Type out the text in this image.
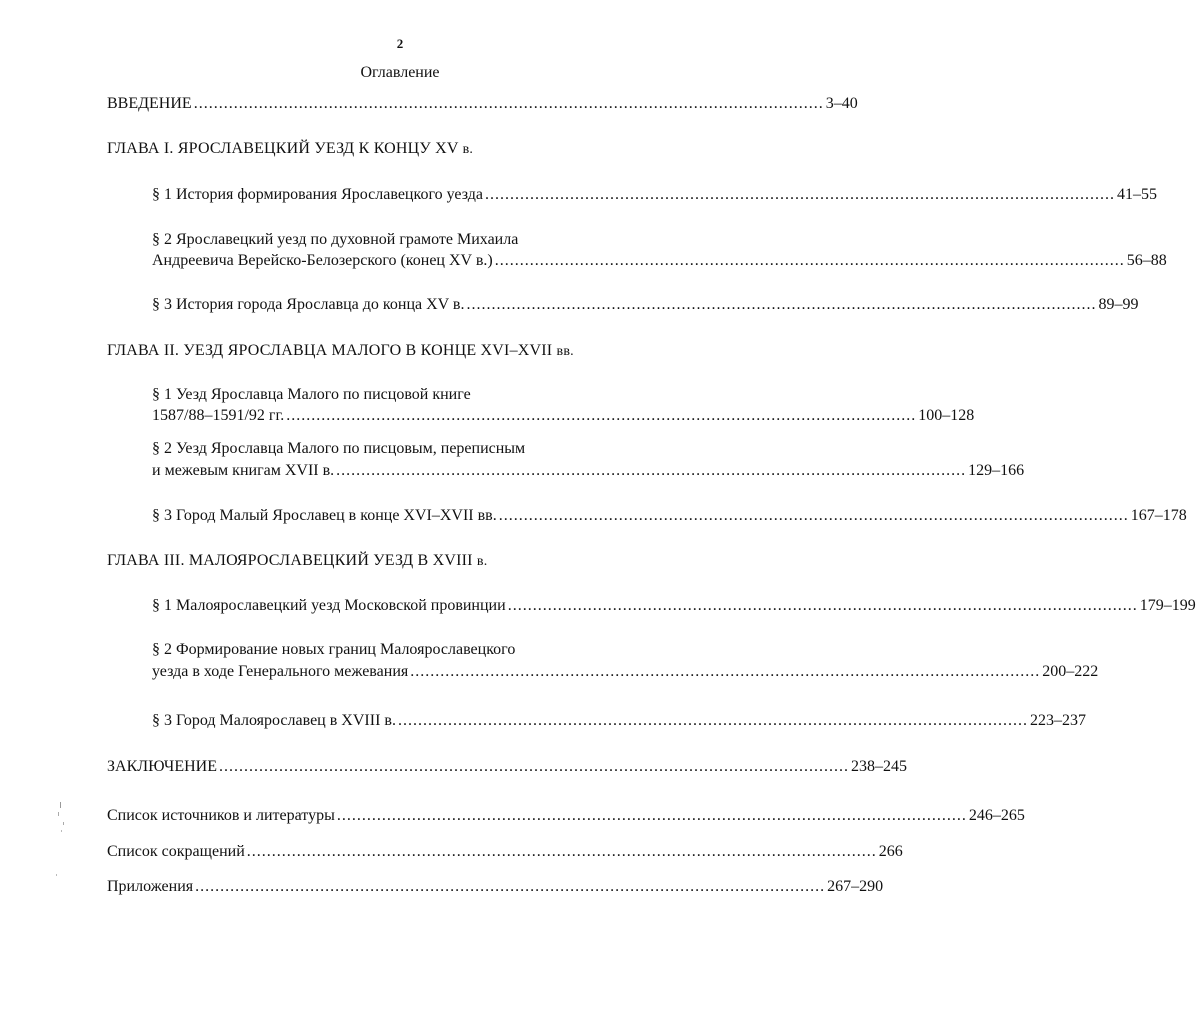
2
Оглавление
ВВЕДЕНИЕ .............................................................................................................................. 3–40
ГЛАВА I. ЯРОСЛАВЕЦКИЙ УЕЗД К КОНЦУ XV в.
§ 1 История формирования Ярославецкого уезда .............................................................................................................................. 41–55
§ 2 Ярославецкий уезд по духовной грамоте Михаила
Андреевича Верейско-Белозерского (конец XV в.) .............................................................................................................................. 56–88
§ 3 История города Ярославца до конца XV в. .............................................................................................................................. 89–99
ГЛАВА II. УЕЗД ЯРОСЛАВЦА МАЛОГО В КОНЦЕ XVI–XVII вв.
§ 1 Уезд Ярославца Малого по писцовой книге
1587/88–1591/92 гг. .............................................................................................................................. 100–128
§ 2 Уезд Ярославца Малого по писцовым, переписным
и межевым книгам XVII в. .............................................................................................................................. 129–166
§ 3 Город Малый Ярославец в конце XVI–XVII вв. .............................................................................................................................. 167–178
ГЛАВА III. МАЛОЯРОСЛАВЕЦКИЙ УЕЗД В XVIII в.
§ 1 Малоярославецкий уезд Московской провинции .............................................................................................................................. 179–199
§ 2 Формирование новых границ Малоярославецкого
уезда в ходе Генерального межевания .............................................................................................................................. 200–222
§ 3 Город Малоярославец в XVIII в. .............................................................................................................................. 223–237
ЗАКЛЮЧЕНИЕ .............................................................................................................................. 238–245
Список источников и литературы .............................................................................................................................. 246–265
Список сокращений .............................................................................................................................. 266
Приложения .............................................................................................................................. 267–290
